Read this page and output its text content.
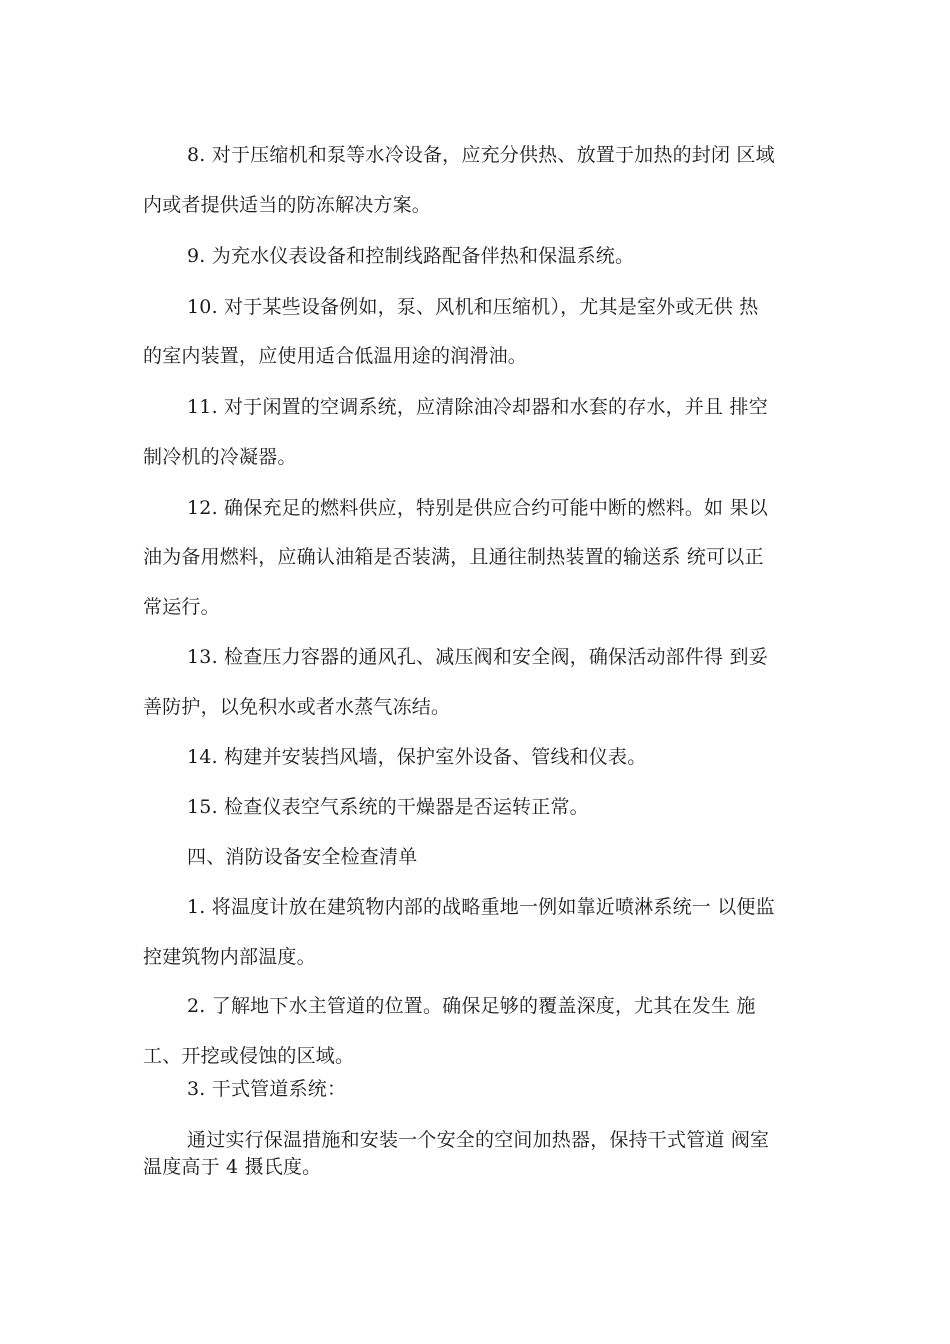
8. 对于压缩机和泵等水冷设备，应充分供热、放置于加热的封闭 区域
内或者提供适当的防冻解决方案。
9. 为充水仪表设备和控制线路配备伴热和保温系统。
10. 对于某些设备例如，泵、风机和压缩机），尤其是室外或无供 热
的室内装置，应使用适合低温用途的润滑油。
11. 对于闲置的空调系统，应清除油冷却器和水套的存水，并且 排空
制冷机的冷凝器。
12. 确保充足的燃料供应，特别是供应合约可能中断的燃料。如 果以
油为备用燃料，应确认油箱是否装满，且通往制热装置的输送系 统可以正
常运行。
13. 检查压力容器的通风孔、减压阀和安全阀，确保活动部件得 到妥
善防护，以免积水或者水蒸气冻结。
14. 构建并安装挡风墙，保护室外设备、管线和仪表。
15. 检查仪表空气系统的干燥器是否运转正常。
四、消防设备安全检查清单
1. 将温度计放在建筑物内部的战略重地一例如靠近喷淋系统一 以便监
控建筑物内部温度。
2. 了解地下水主管道的位置。确保足够的覆盖深度，尤其在发生 施
工、开挖或侵蚀的区域。
3. 干式管道系统：
通过实行保温措施和安装一个安全的空间加热器，保持干式管道 阀室
温度高于 4 摄氏度。
